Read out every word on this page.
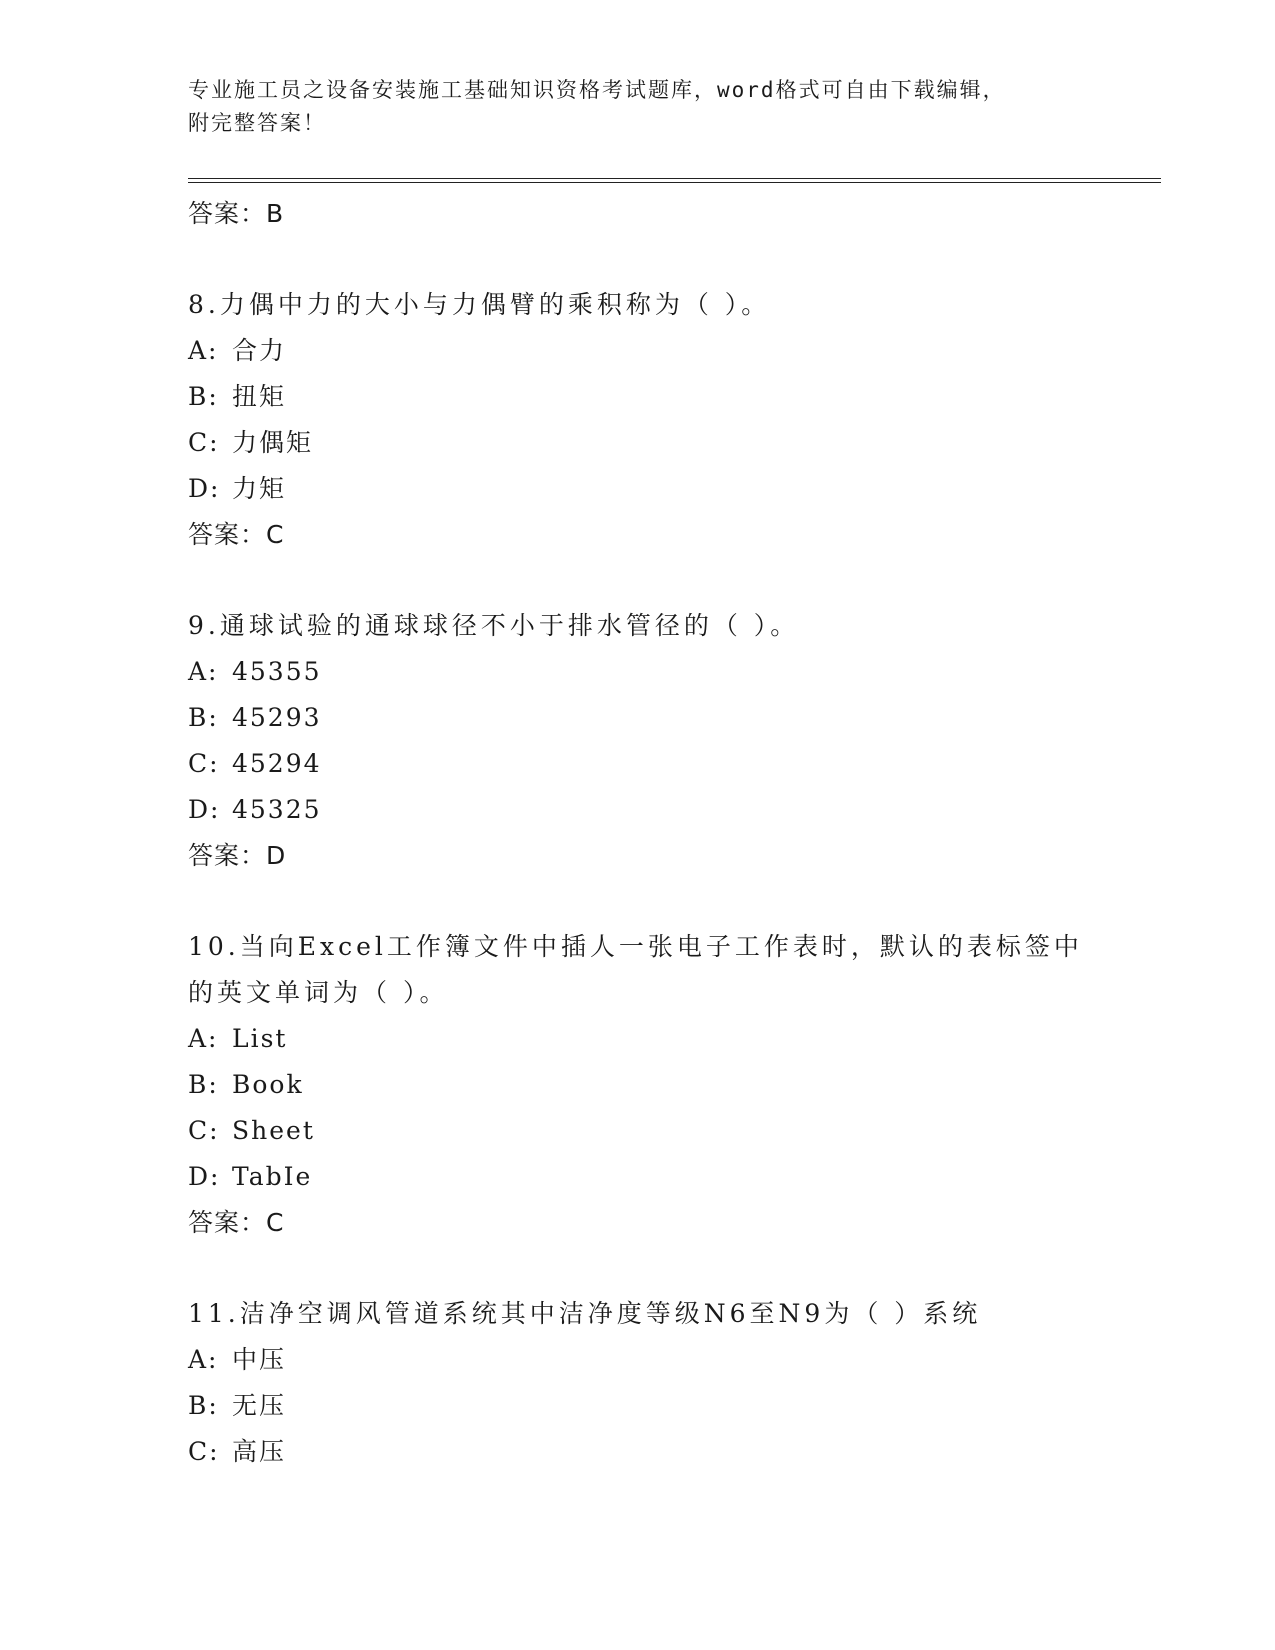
专业施工员之设备安装施工基础知识资格考试题库，word格式可自由下载编辑，
附完整答案！
答案：B
8.力偶中力的大小与力偶臂的乘积称为（ ）。
A: 合力
B: 扭矩
C: 力偶矩
D: 力矩
答案：C
9.通球试验的通球球径不小于排水管径的（ ）。
A: 45355
B: 45293
C: 45294
D: 45325
答案：D
10.当向Excel工作簿文件中插人一张电子工作表时，默认的表标签中
的英文单词为（ ）。
A: List
B: Book
C: Sheet
D: TabIe
答案：C
11.洁净空调风管道系统其中洁净度等级N6至N9为（ ）系统
A: 中压
B: 无压
C: 高压
